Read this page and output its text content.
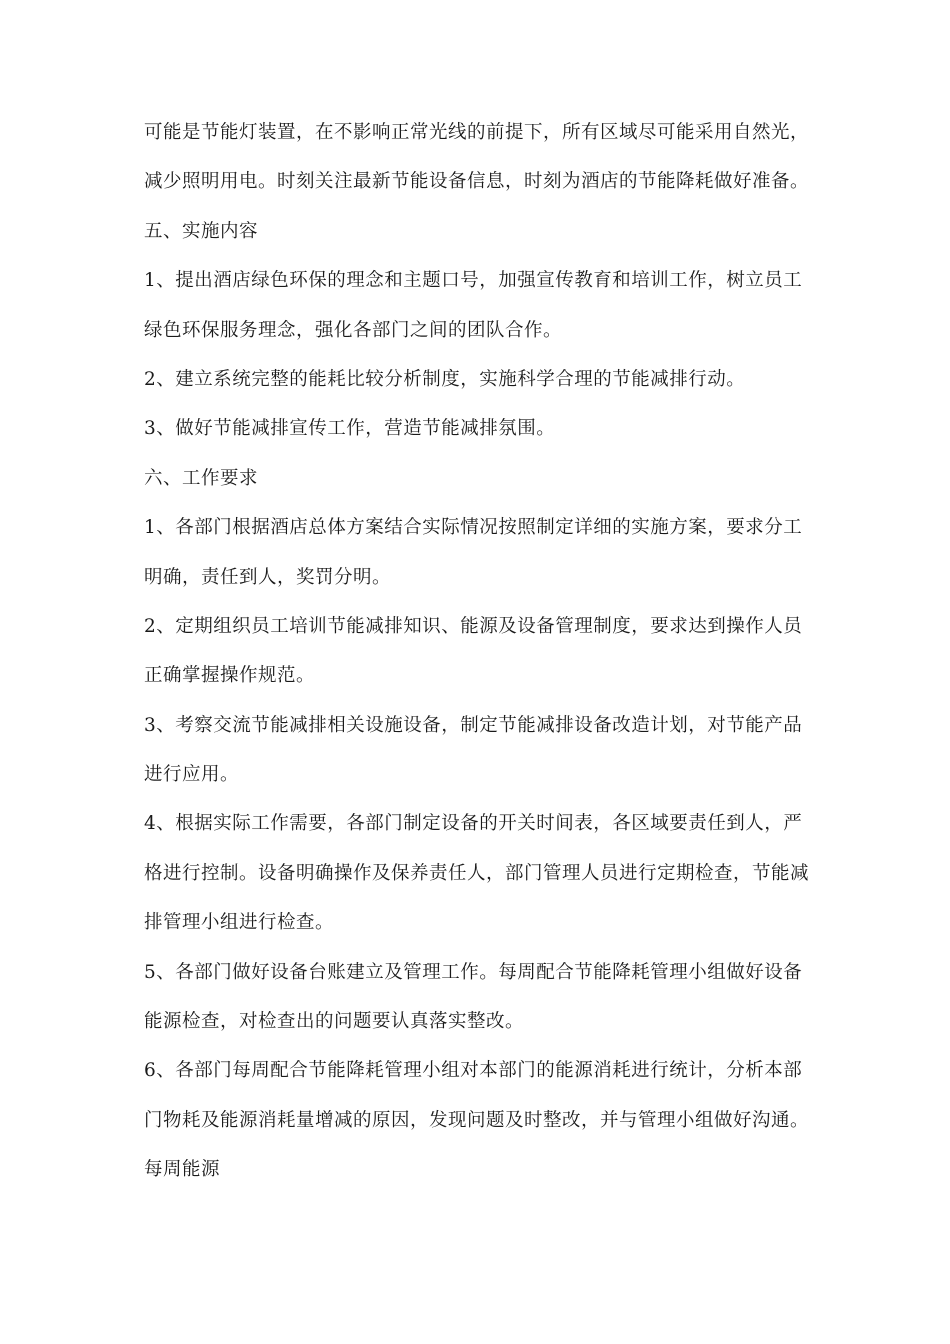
可能是节能灯装置，在不影响正常光线的前提下，所有区域尽可能采用自然光，
减少照明用电。时刻关注最新节能设备信息，时刻为酒店的节能降耗做好准备。
五、实施内容
1、提出酒店绿色环保的理念和主题口号，加强宣传教育和培训工作，树立员工
绿色环保服务理念，强化各部门之间的团队合作。
2、建立系统完整的能耗比较分析制度，实施科学合理的节能减排行动。
3、做好节能减排宣传工作，营造节能减排氛围。
六、工作要求
1、各部门根据酒店总体方案结合实际情况按照制定详细的实施方案，要求分工
明确，责任到人，奖罚分明。
2、定期组织员工培训节能减排知识、能源及设备管理制度，要求达到操作人员
正确掌握操作规范。
3、考察交流节能减排相关设施设备，制定节能减排设备改造计划，对节能产品
进行应用。
4、根据实际工作需要，各部门制定设备的开关时间表，各区域要责任到人，严
格进行控制。设备明确操作及保养责任人，部门管理人员进行定期检查，节能减
排管理小组进行检查。
5、各部门做好设备台账建立及管理工作。每周配合节能降耗管理小组做好设备
能源检查，对检查出的问题要认真落实整改。
6、各部门每周配合节能降耗管理小组对本部门的能源消耗进行统计，分析本部
门物耗及能源消耗量增减的原因，发现问题及时整改，并与管理小组做好沟通。
每周能源
